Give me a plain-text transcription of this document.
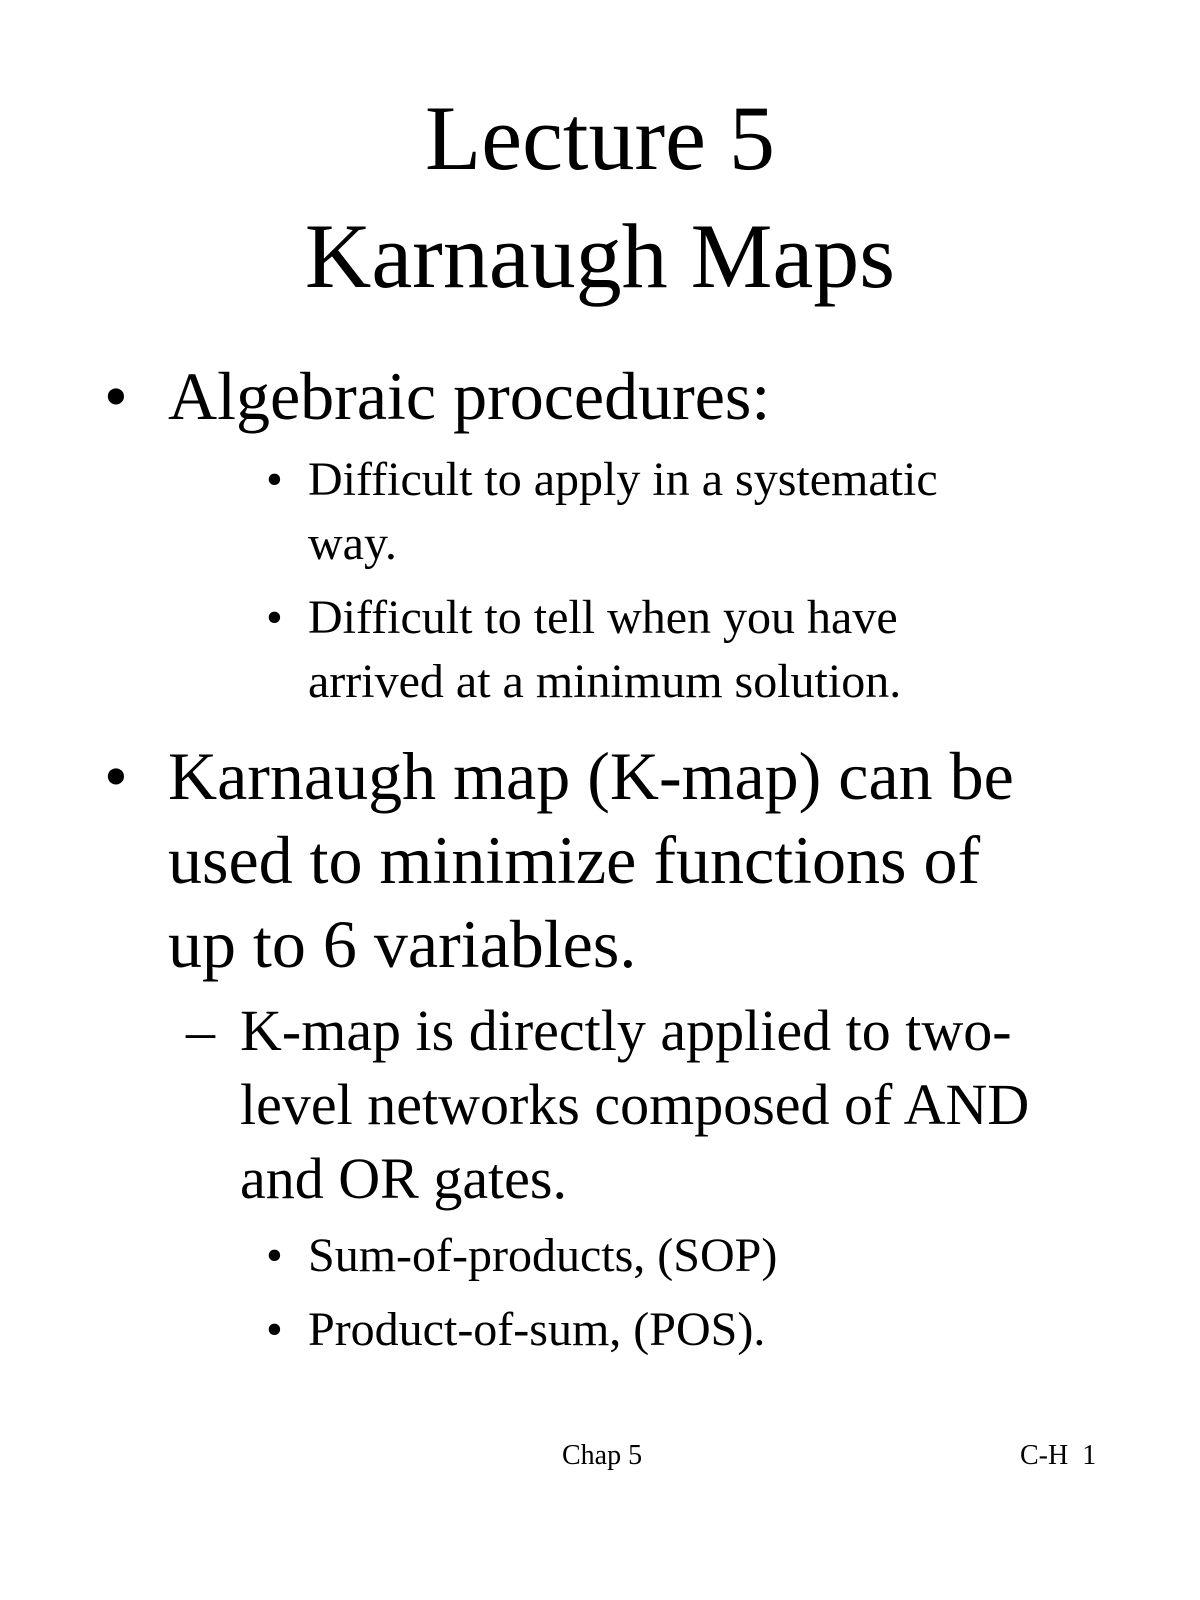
Lecture 5
Karnaugh Maps
• Algebraic procedures:
• Difficult to apply in a systematic
way.
• Difficult to tell when you have
arrived at a minimum solution.
• Karnaugh map (K-map) can be
used to minimize functions of
up to 6 variables.
– K-map is directly applied to two-
level networks composed of AND
and OR gates.
• Sum-of-products, (SOP)
• Product-of-sum, (POS).
Chap 5	C-H  1
